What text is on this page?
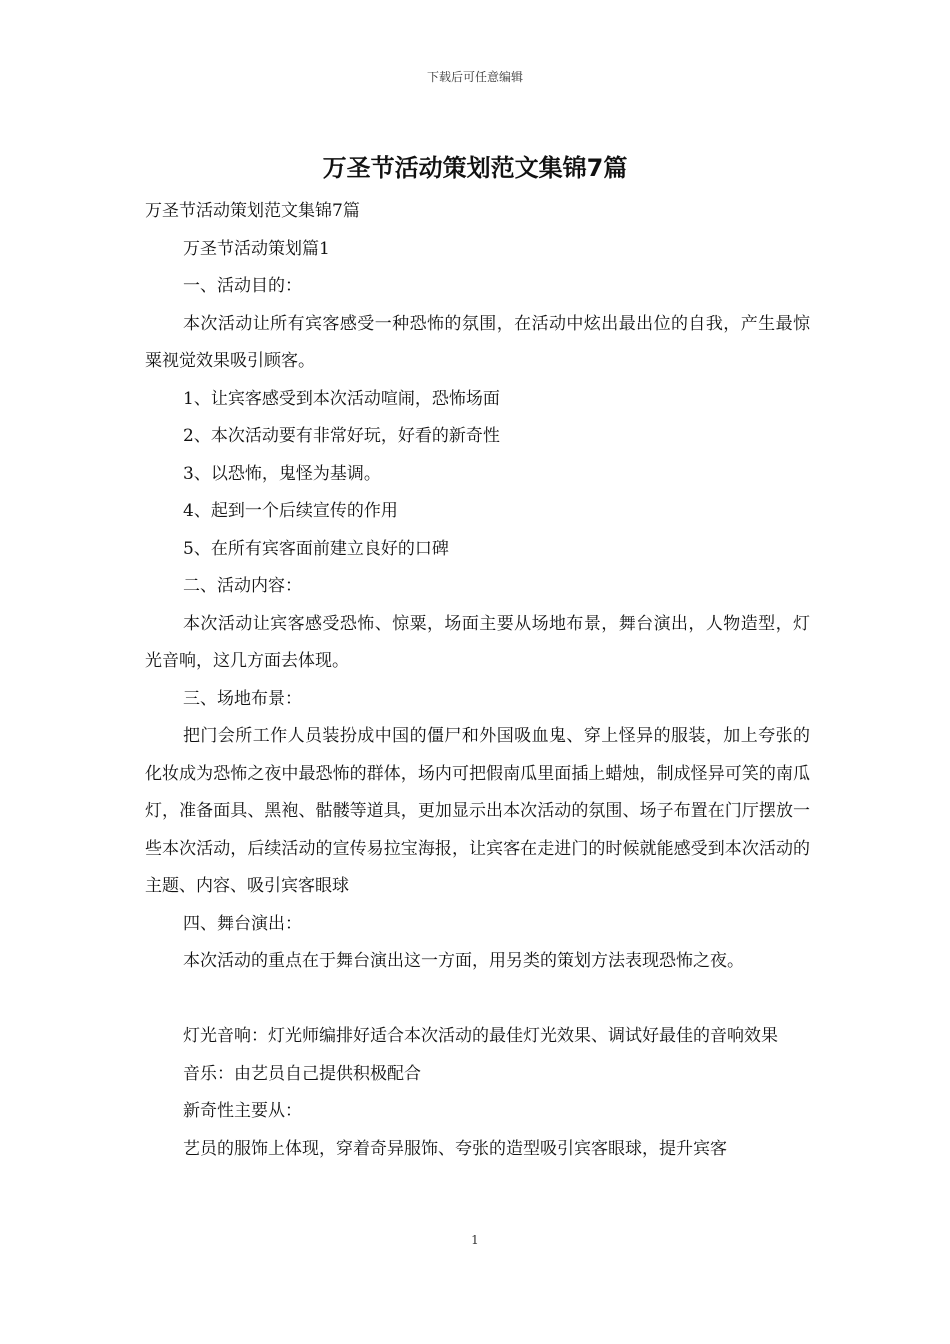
下载后可任意编辑
万圣节活动策划范文集锦7篇

万圣节活动策划范文集锦7篇

万圣节活动策划篇1

一、活动目的：

本次活动让所有宾客感受一种恐怖的氛围，在活动中炫出最出位的自我，产生最惊粟视觉效果吸引顾客。

1、让宾客感受到本次活动喧闹，恐怖场面

2、本次活动要有非常好玩，好看的新奇性

3、以恐怖，鬼怪为基调。

4、起到一个后续宣传的作用

5、在所有宾客面前建立良好的口碑

二、活动内容：

本次活动让宾客感受恐怖、惊粟，场面主要从场地布景，舞台演出，人物造型，灯光音响，这几方面去体现。

三、场地布景：

把门会所工作人员装扮成中国的僵尸和外国吸血鬼、穿上怪异的服装，加上夸张的化妆成为恐怖之夜中最恐怖的群体，场内可把假南瓜里面插上蜡烛，制成怪异可笑的南瓜灯，准备面具、黑袍、骷髅等道具，更加显示出本次活动的氛围、场子布置在门厅摆放一些本次活动，后续活动的宣传易拉宝海报，让宾客在走进门的时候就能感受到本次活动的主题、内容、吸引宾客眼球

四、舞台演出：

本次活动的重点在于舞台演出这一方面，用另类的策划方法表现恐怖之夜。

灯光音响：灯光师编排好适合本次活动的最佳灯光效果、调试好最佳的音响效果

音乐：由艺员自己提供积极配合

新奇性主要从：

艺员的服饰上体现，穿着奇异服饰、夸张的造型吸引宾客眼球，提升宾客

1
